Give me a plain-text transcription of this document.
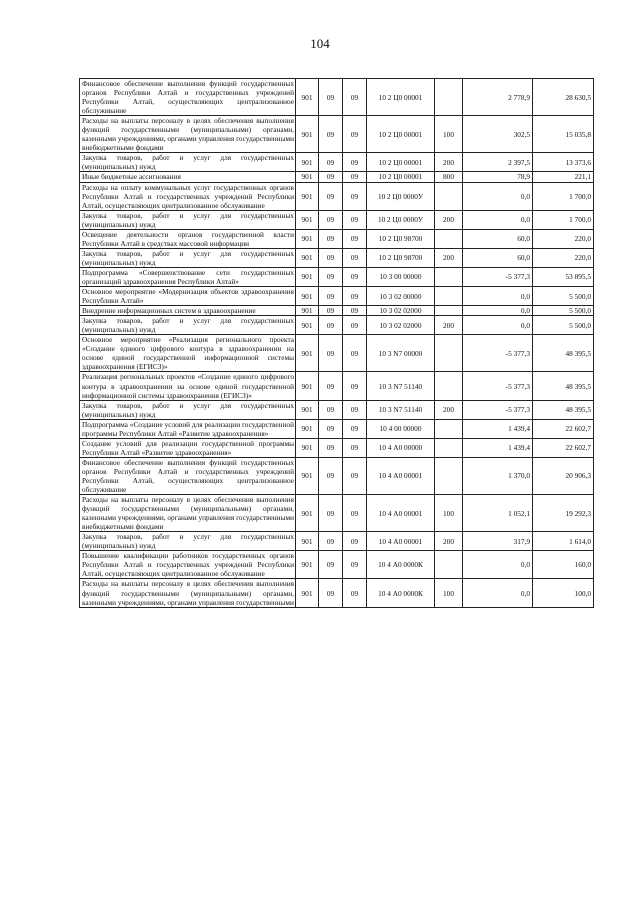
104
Финансовое обеспечение выполнения функций государственных органов Республики Алтай и государственных учреждений Республики Алтай, осуществляющих централизованное обслуживание	901	09	09	10 2 Ц0 00001		2 778,9	28 630,5
Расходы на выплаты персоналу в целях обеспечения выполнения функций государственными (муниципальными) органами, казенными учреждениями, органами управления государственными внебюджетными фондами	901	09	09	10 2 Ц0 00001	100	302,5	15 035,8
Закупка товаров, работ и услуг для государственных (муниципальных) нужд	901	09	09	10 2 Ц0 00001	200	2 397,5	13 373,6
Иные бюджетные ассигнования	901	09	09	10 2 Ц0 00001	800	78,9	221,1
Расходы на оплату коммунальных услуг государственных органов Республики Алтай и государственных учреждений Республики Алтай, осуществляющих централизованное обслуживание	901	09	09	10 2 Ц0 0000У		0,0	1 700,0
Закупка товаров, работ и услуг для государственных (муниципальных) нужд	901	09	09	10 2 Ц0 0000У	200	0,0	1 700,0
Освещение деятельности органов государственной власти Республики Алтай в средствах массовой информации	901	09	09	10 2 Ц0 98700		60,0	220,0
Закупка товаров, работ и услуг для государственных (муниципальных) нужд	901	09	09	10 2 Ц0 98700	200	60,0	220,0
Подпрограмма «Совершенствование сети государственных организаций здравоохранения Республики Алтай»	901	09	09	10 3 00 00000		-5 377,3	53 895,5
Основное мероприятие «Модернизация объектов здравоохранения Республики Алтай»	901	09	09	10 3 02 00000		0,0	5 500,0
Внедрение информационных систем в здравоохранение	901	09	09	10 3 02 02000		0,0	5 500,0
Закупка товаров, работ и услуг для государственных (муниципальных) нужд	901	09	09	10 3 02 02000	200	0,0	5 500,0
Основное мероприятие «Реализация регионального проекта «Создание единого цифрового контура в здравоохранении на основе единой государственной информационной системы здравоохранения (ЕГИСЗ)»	901	09	09	10 3 N7 00000		-5 377,3	48 395,5
Реализация региональных проектов «Создание единого цифрового контура в здравоохранении на основе единой государственной информационной системы здравоохранения (ЕГИСЗ)»	901	09	09	10 3 N7 51140		-5 377,3	48 395,5
Закупка товаров, работ и услуг для государственных (муниципальных) нужд	901	09	09	10 3 N7 51140	200	-5 377,3	48 395,5
Подпрограмма «Создание условий для реализации государственной программы Республики Алтай «Развитие здравоохранения»	901	09	09	10 4 00 00000		1 439,4	22 602,7
Создание условий для реализации государственной программы Республики Алтай «Развитие здравоохранения»	901	09	09	10 4 А0 00000		1 439,4	22 602,7
Финансовое обеспечение выполнения функций государственных органов Республики Алтай и государственных учреждений Республики Алтай, осуществляющих централизованное обслуживание	901	09	09	10 4 А0 00001		1 370,0	20 906,3
Расходы на выплаты персоналу в целях обеспечения выполнения функций государственными (муниципальными) органами, казенными учреждениями, органами управления государственными внебюджетными фондами	901	09	09	10 4 А0 00001	100	1 052,1	19 292,3
Закупка товаров, работ и услуг для государственных (муниципальных) нужд	901	09	09	10 4 А0 00001	200	317,9	1 614,0
Повышение квалификации работников государственных органов Республики Алтай и государственных учреждений Республики Алтай, осуществляющих централизованное обслуживание	901	09	09	10 4 А0 0000К		0,0	160,0
Расходы на выплаты персоналу в целях обеспечения выполнения функций государственными (муниципальными) органами, казенными учреждениями, органами управления государственными	901	09	09	10 4 А0 0000К	100	0,0	100,0
